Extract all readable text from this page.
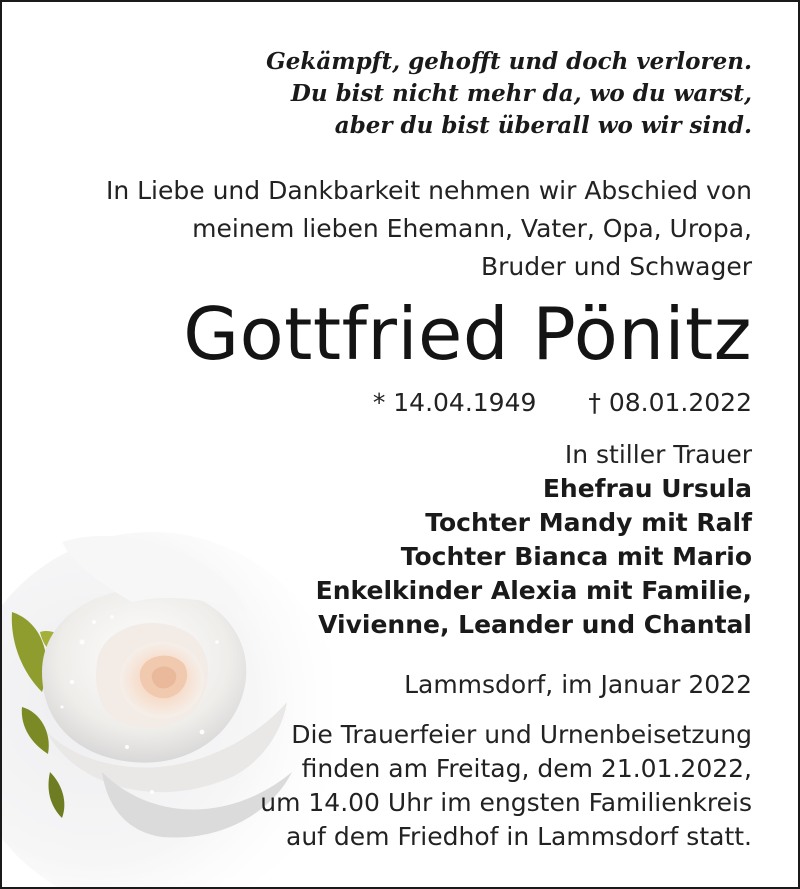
Gekämpft, gehofft und doch verloren.
Du bist nicht mehr da, wo du warst,
aber du bist überall wo wir sind.
In Liebe und Dankbarkeit nehmen wir Abschied von
meinem lieben Ehemann, Vater, Opa, Uropa,
Bruder und Schwager
Gottfried Pönitz
* 14.04.1949 † 08.01.2022
In stiller Trauer
Ehefrau Ursula
Tochter Mandy mit Ralf
Tochter Bianca mit Mario
Enkelkinder Alexia mit Familie,
Vivienne, Leander und Chantal
Lammsdorf, im Januar 2022
Die Trauerfeier und Urnenbeisetzung
finden am Freitag, dem 21.01.2022,
um 14.00 Uhr im engsten Familienkreis
auf dem Friedhof in Lammsdorf statt.
